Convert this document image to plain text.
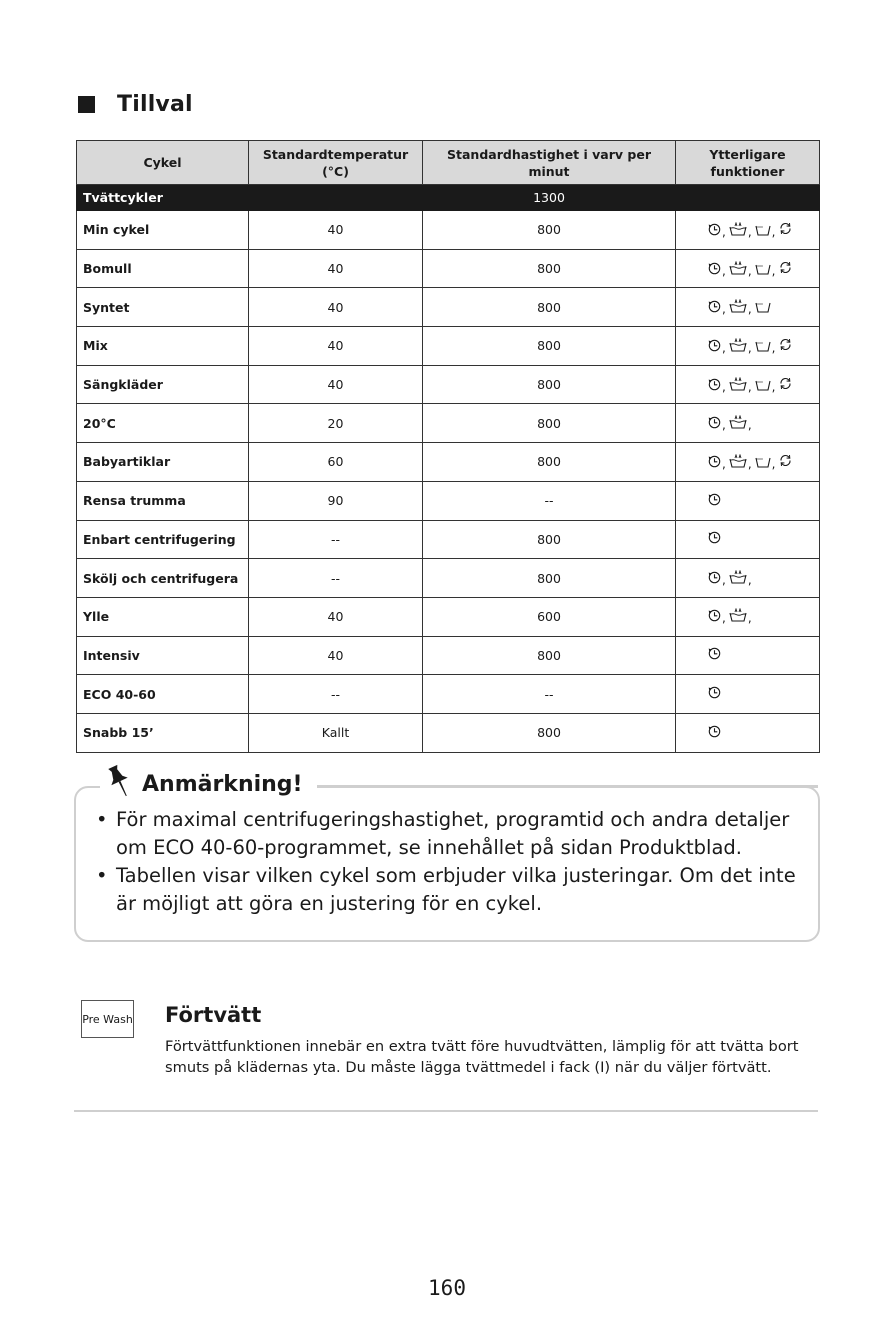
Tillval
Cykel	Standardtemperatur (°C)	Standardhastighet i varv per minut	Ytterligare funktioner
Tvättcykler		1300	
Min cykel	40	800	, , ,

Bomull	40	800	, , ,

Syntet	40	800	, ,

Mix	40	800	, , ,

Sängkläder	40	800	, , ,

20°C	20	800	, ,
Babyartiklar	60	800	, , ,

Rensa trumma	90	--	

Enbart centrifugering	--	800	

Skölj och centrifugera	--	800	, ,
Ylle	40	600	, ,
Intensiv	40	800	

ECO 40-60	--	--	

Snabb 15’	Kallt	800	
Anmärkning!
• För maximal centrifugeringshastighet, programtid och andra detaljer om ECO 40-60-programmet, se innehållet på sidan Produktblad.
• Tabellen visar vilken cykel som erbjuder vilka justeringar. Om det inte är möjligt att göra en justering för en cykel.
Pre Wash Förtvätt
Förtvättfunktionen innebär en extra tvätt före huvudtvätten, lämplig för att tvätta bort smuts på klädernas yta. Du måste lägga tvättmedel i fack (I) när du väljer förtvätt.
160
